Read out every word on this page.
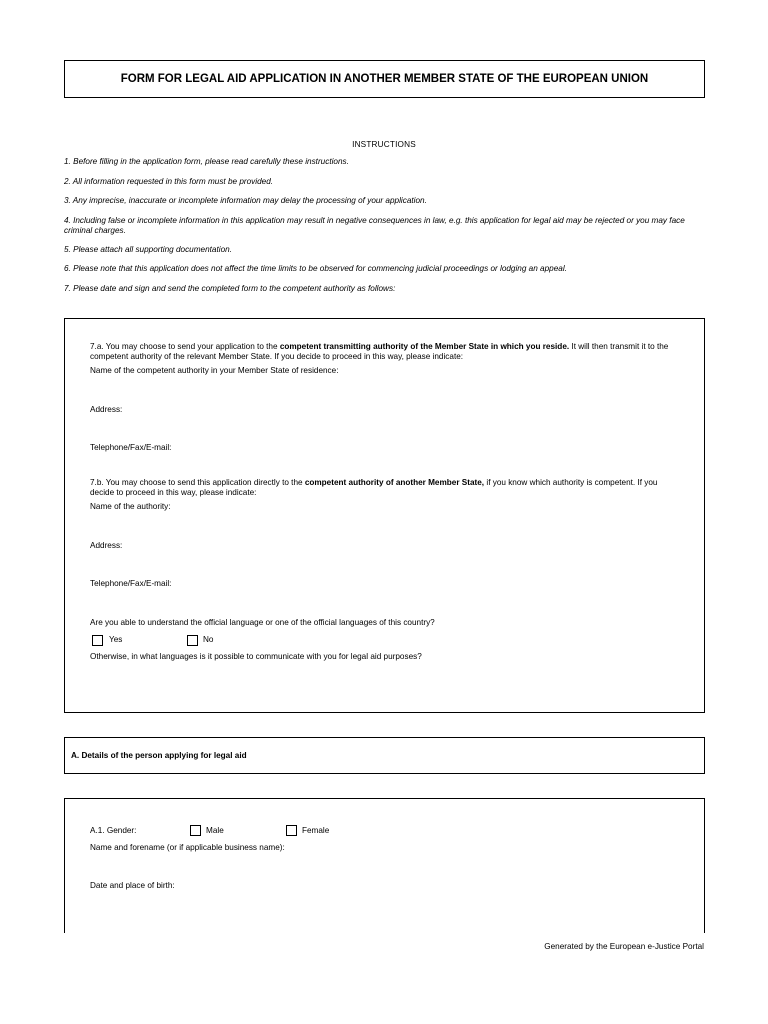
FORM FOR LEGAL AID APPLICATION IN ANOTHER MEMBER STATE OF THE EUROPEAN UNION
INSTRUCTIONS
1. Before filling in the application form, please read carefully these instructions.
2. All information requested in this form must be provided.
3. Any imprecise, inaccurate or incomplete information may delay the processing of your application.
4. Including false or incomplete information in this application may result in negative consequences in law, e.g. this application for legal aid may be rejected or you may face criminal charges.
5. Please attach all supporting documentation.
6. Please note that this application does not affect the time limits to be observed for commencing judicial proceedings or lodging an appeal.
7. Please date and sign and send the completed form to the competent authority as follows:
7.a. You may choose to send your application to the competent transmitting authority of the Member State in which you reside. It will then transmit it to the competent authority of the relevant Member State. If you decide to proceed in this way, please indicate:
Name of the competent authority in your Member State of residence:
Address:
Telephone/Fax/E-mail:
7.b. You may choose to send this application directly to the competent authority of another Member State, if you know which authority is competent. If you decide to proceed in this way, please indicate:
Name of the authority:
Address:
Telephone/Fax/E-mail:
Are you able to understand the official language or one of the official languages of this country?
Yes	No
Otherwise, in what languages is it possible to communicate with you for legal aid purposes?
A. Details of the person applying for legal aid
A.1. Gender:	Male	Female
Name and forename (or if applicable business name):
Date and place of birth:
Generated by the European e-Justice Portal
